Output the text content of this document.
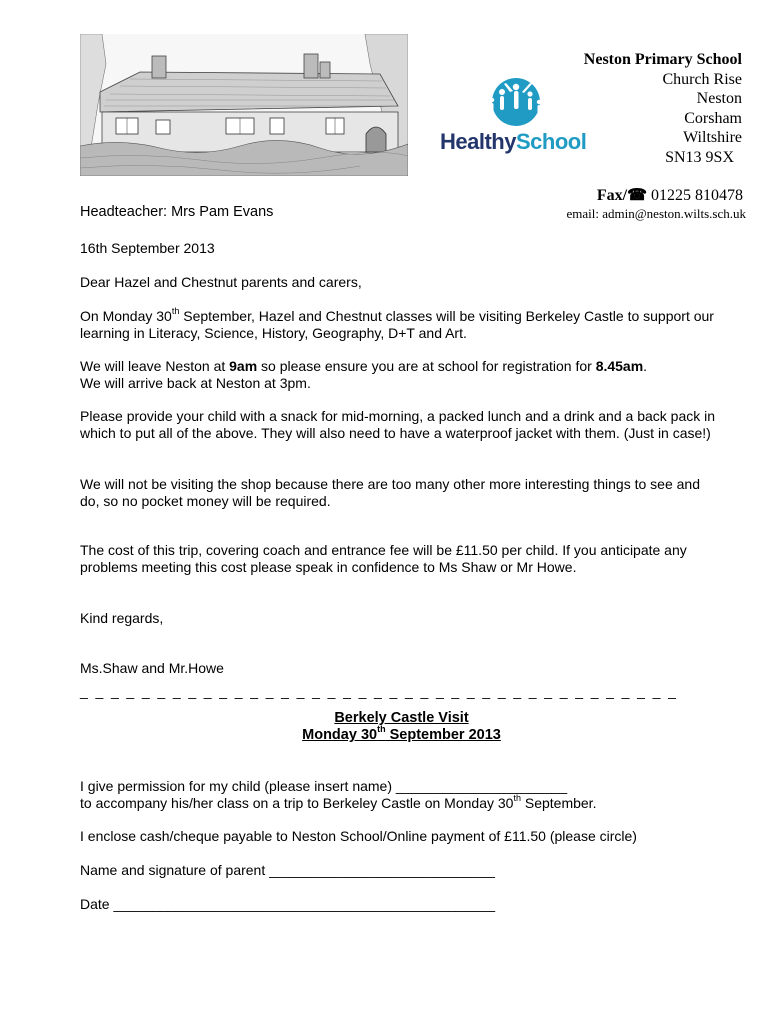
HealthySchool
Neston Primary School
Church Rise
Neston
Corsham
Wiltshire
SN13 9SX
Fax/☎ 01225 810478
email: admin@neston.wilts.sch.uk
Headteacher: Mrs Pam Evans
16th September 2013
Dear Hazel and Chestnut parents and carers,
On Monday 30th September, Hazel and Chestnut classes will be visiting Berkeley Castle to support our learning in Literacy, Science, History, Geography, D+T and Art.
We will leave Neston at 9am so please ensure you are at school for registration for 8.45am.
We will arrive back at Neston at 3pm.
Please provide your child with a snack for mid-morning, a packed lunch and a drink and a back pack in which to put all of the above. They will also need to have a waterproof jacket with them. (Just in case!)
We will not be visiting the shop because there are too many other more interesting things to see and do, so no pocket money will be required.
The cost of this trip, covering coach and entrance fee will be £11.50 per child. If you anticipate any problems meeting this cost please speak in confidence to Ms Shaw or Mr Howe.
Kind regards,
Ms.Shaw and Mr.Howe
_ _ _ _ _ _ _ _ _ _ _ _ _ _ _ _ _ _ _ _ _ _ _ _ _ _ _ _ _ _ _ _ _ _ _ _ _ _ _
Berkely Castle Visit
Monday 30th September 2013
I give permission for my child (please insert name) ______________________
to accompany his/her class on a trip to Berkeley Castle on Monday 30th September.
I enclose cash/cheque payable to Neston School/Online payment of £11.50 (please circle)
Name and signature of parent _____________________________
Date _________________________________________________
